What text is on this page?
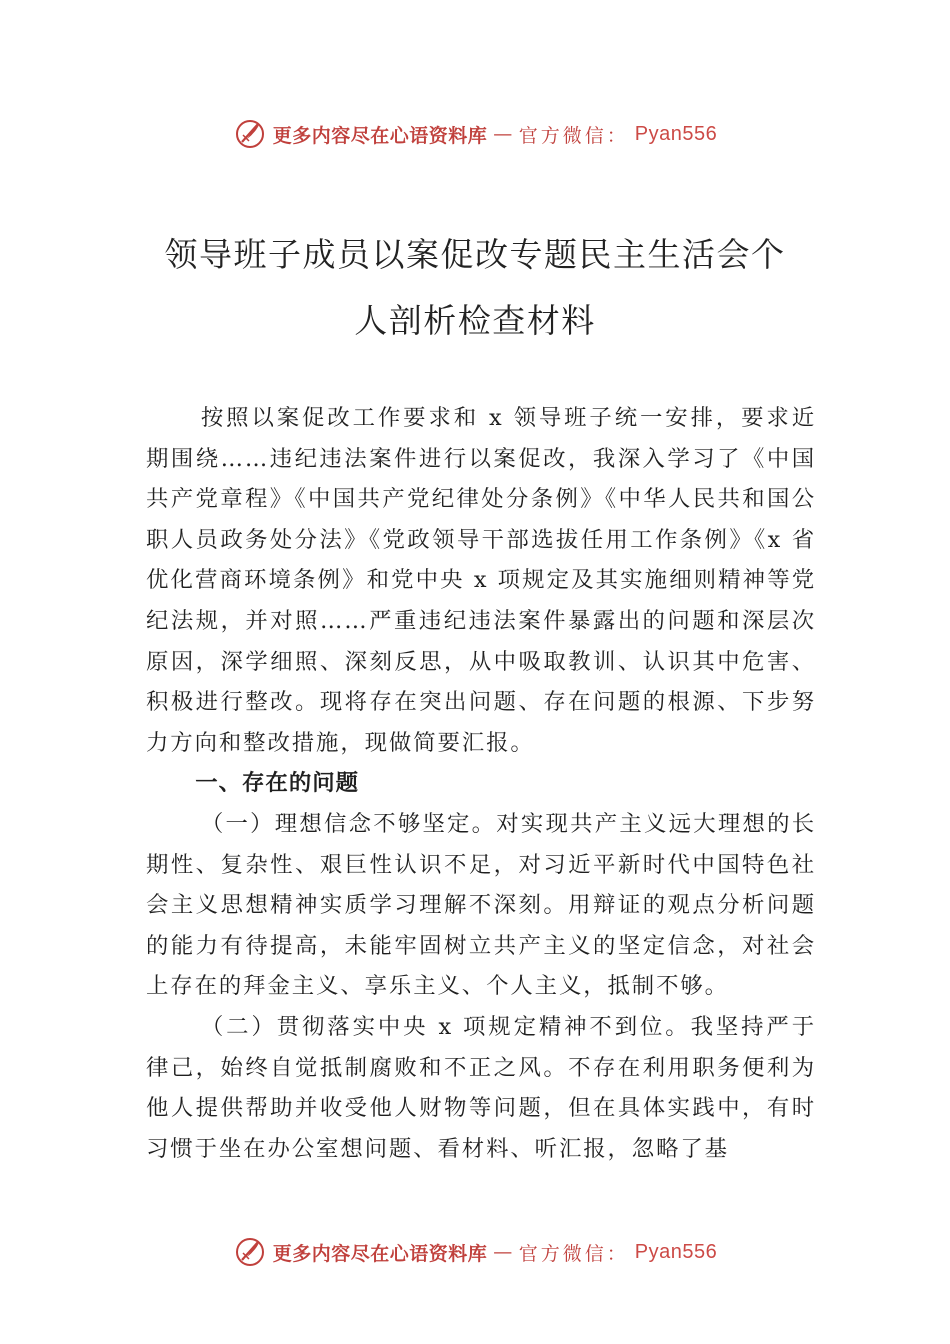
更多内容尽在心语资料库 — 官方微信： Pyan556
领导班子成员以案促改专题民主生活会个
人剖析检查材料

按照以案促改工作要求和 x 领导班子统一安排，要求近期围绕……违纪违法案件进行以案促改，我深入学习了《中国共产党章程》《中国共产党纪律处分条例》《中华人民共和国公职人员政务处分法》《党政领导干部选拔任用工作条例》《x 省优化营商环境条例》和党中央 x 项规定及其实施细则精神等党纪法规，并对照……严重违纪违法案件暴露出的问题和深层次原因，深学细照、深刻反思，从中吸取教训、认识其中危害、积极进行整改。现将存在突出问题、存在问题的根源、下步努力方向和整改措施，现做简要汇报。

一、存在的问题

（一）理想信念不够坚定。对实现共产主义远大理想的长期性、复杂性、艰巨性认识不足，对习近平新时代中国特色社会主义思想精神实质学习理解不深刻。用辩证的观点分析问题的能力有待提高，未能牢固树立共产主义的坚定信念，对社会上存在的拜金主义、享乐主义、个人主义，抵制不够。

（二）贯彻落实中央 x 项规定精神不到位。我坚持严于律己，始终自觉抵制腐败和不正之风。不存在利用职务便利为他人提供帮助并收受他人财物等问题，但在具体实践中，有时习惯于坐在办公室想问题、看材料、听汇报，忽略了基

更多内容尽在心语资料库 — 官方微信： Pyan556
